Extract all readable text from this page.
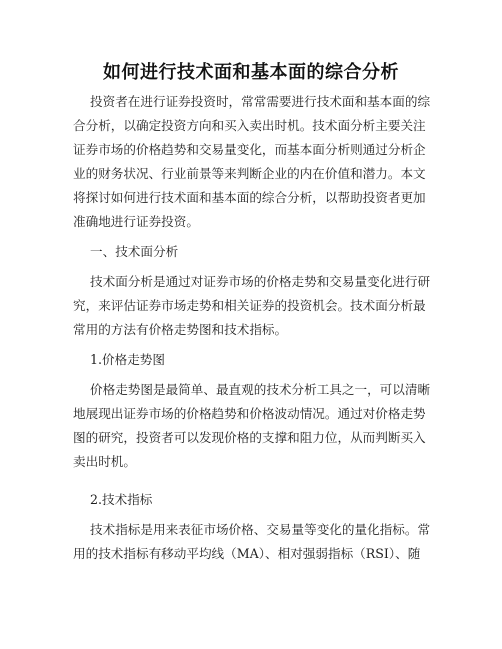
如何进行技术面和基本面的综合分析
投资者在进行证券投资时，常常需要进行技术面和基本面的综
合分析，以确定投资方向和买入卖出时机。技术面分析主要关注
证券市场的价格趋势和交易量变化，而基本面分析则通过分析企
业的财务状况、行业前景等来判断企业的内在价值和潜力。本文
将探讨如何进行技术面和基本面的综合分析，以帮助投资者更加
准确地进行证券投资。
一、技术面分析
技术面分析是通过对证券市场的价格走势和交易量变化进行研
究，来评估证券市场走势和相关证券的投资机会。技术面分析最
常用的方法有价格走势图和技术指标。
1.价格走势图
价格走势图是最简单、最直观的技术分析工具之一，可以清晰
地展现出证券市场的价格趋势和价格波动情况。通过对价格走势
图的研究，投资者可以发现价格的支撑和阻力位，从而判断买入
卖出时机。
2.技术指标
技术指标是用来表征市场价格、交易量等变化的量化指标。常
用的技术指标有移动平均线（MA）、相对强弱指标（RSI）、随
